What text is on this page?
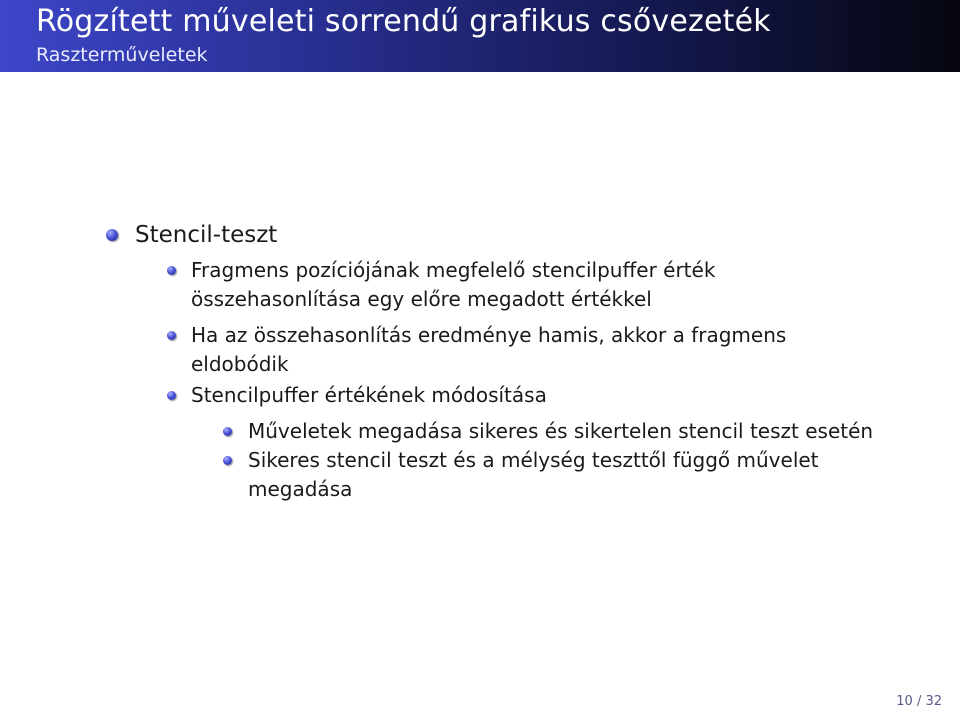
Rögzített műveleti sorrendű grafikus csővezeték
Raszterműveletek
Stencil-teszt
Fragmens pozíciójának megfelelő stencilpuffer érték
összehasonlítása egy előre megadott értékkel
Ha az összehasonlítás eredménye hamis, akkor a fragmens
eldobódik
Stencilpuffer értékének módosítása
Műveletek megadása sikeres és sikertelen stencil teszt esetén
Sikeres stencil teszt és a mélység teszttől függő művelet
megadása
10 / 32
